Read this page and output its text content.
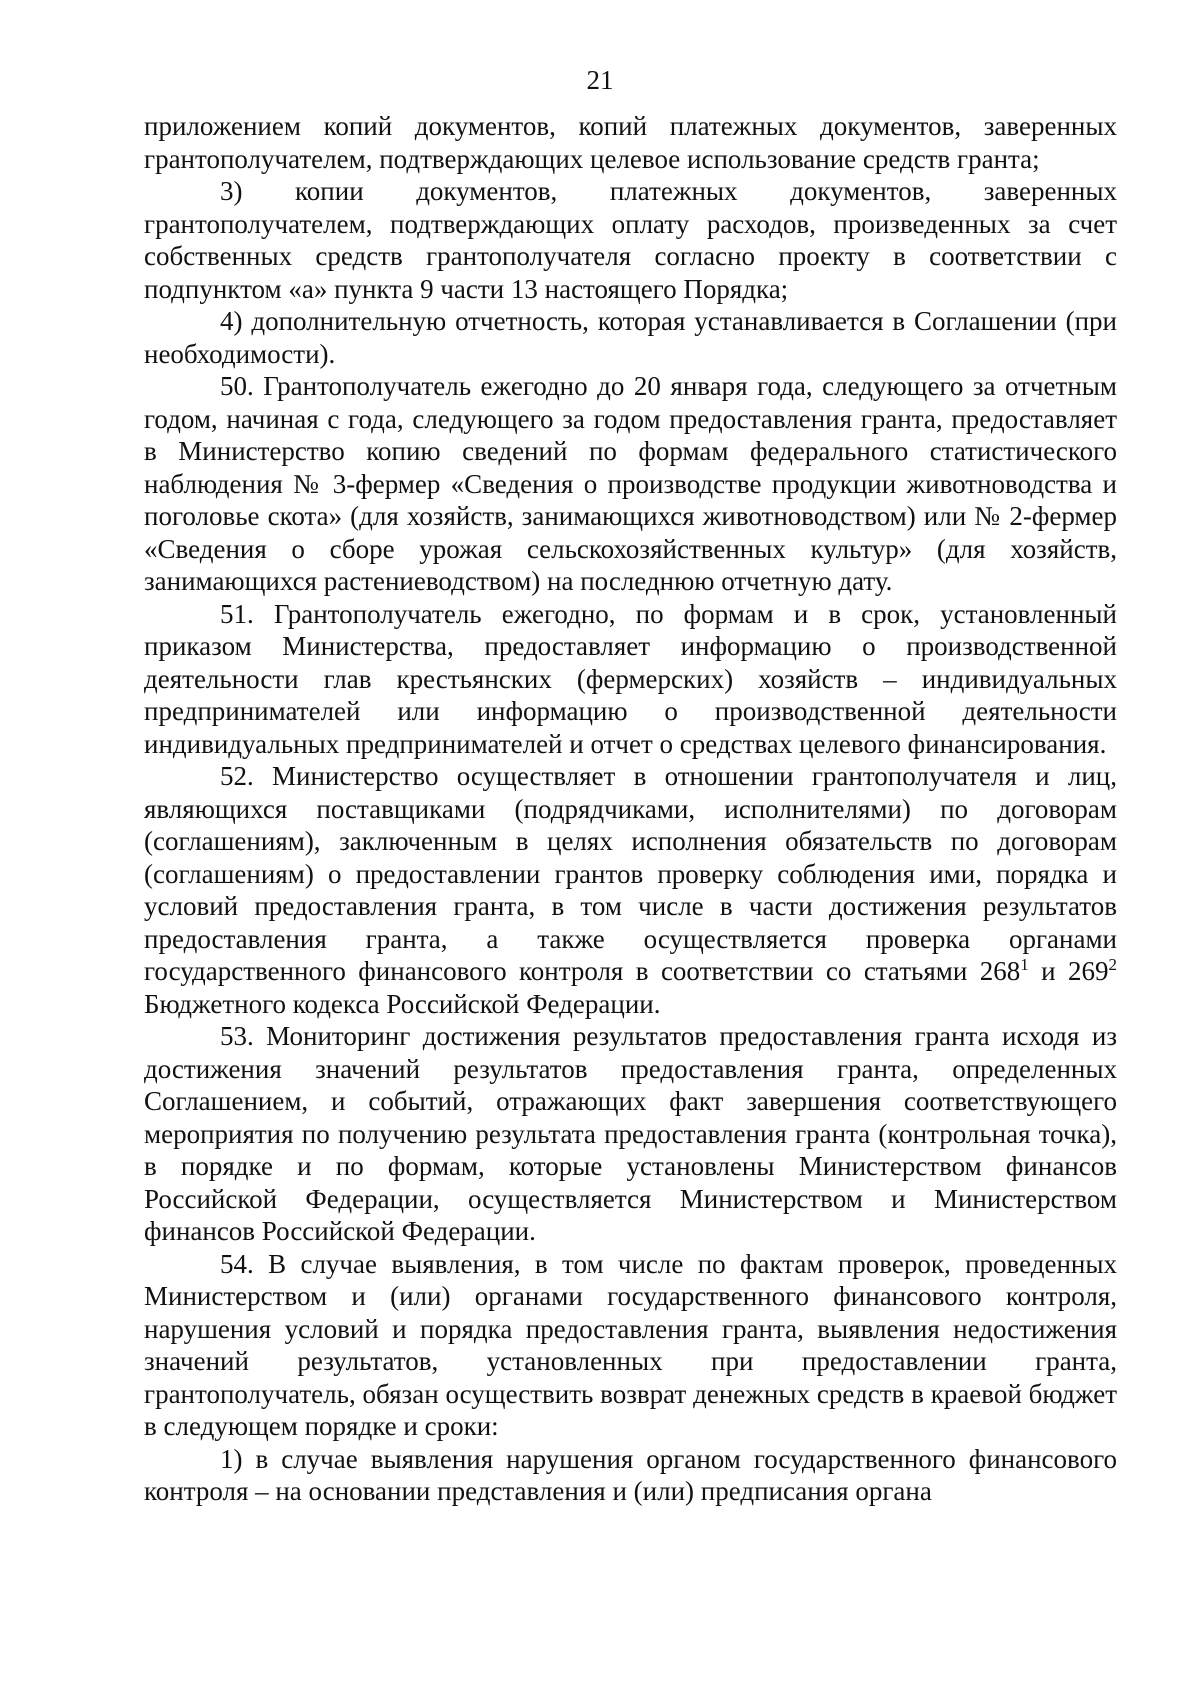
21

приложением копий документов, копий платежных документов, заверенных грантополучателем, подтверждающих целевое использование средств гранта;

3) копии документов, платежных документов, заверенных грантополучателем, подтверждающих оплату расходов, произведенных за счет собственных средств грантополучателя согласно проекту в соответствии с подпунктом «а» пункта 9 части 13 настоящего Порядка;

4) дополнительную отчетность, которая устанавливается в Соглашении (при необходимости).

50. Грантополучатель ежегодно до 20 января года, следующего за отчетным годом, начиная с года, следующего за годом предоставления гранта, предоставляет в Министерство копию сведений по формам федерального статистического наблюдения № 3-фермер «Сведения о производстве продукции животноводства и поголовье скота» (для хозяйств, занимающихся животноводством) или № 2-фермер «Сведения о сборе урожая сельскохозяйственных культур» (для хозяйств, занимающихся растениеводством) на последнюю отчетную дату.

51. Грантополучатель ежегодно, по формам и в срок, установленный приказом Министерства, предоставляет информацию о производственной деятельности глав крестьянских (фермерских) хозяйств – индивидуальных предпринимателей или информацию о производственной деятельности индивидуальных предпринимателей и отчет о средствах целевого финансирования.

52. Министерство осуществляет в отношении грантополучателя и лиц, являющихся поставщиками (подрядчиками, исполнителями) по договорам (соглашениям), заключенным в целях исполнения обязательств по договорам (соглашениям) о предоставлении грантов проверку соблюдения ими, порядка и условий предоставления гранта, в том числе в части достижения результатов предоставления гранта, а также осуществляется проверка органами государственного финансового контроля в соответствии со статьями $268^1$ и $269^2$ Бюджетного кодекса Российской Федерации.

53. Мониторинг достижения результатов предоставления гранта исходя из достижения значений результатов предоставления гранта, определенных Соглашением, и событий, отражающих факт завершения соответствующего мероприятия по получению результата предоставления гранта (контрольная точка), в порядке и по формам, которые установлены Министерством финансов Российской Федерации, осуществляется Министерством и Министерством финансов Российской Федерации.

54. В случае выявления, в том числе по фактам проверок, проведенных Министерством и (или) органами государственного финансового контроля, нарушения условий и порядка предоставления гранта, выявления недостижения значений результатов, установленных при предоставлении гранта, грантополучатель, обязан осуществить возврат денежных средств в краевой бюджет в следующем порядке и сроки:

1) в случае выявления нарушения органом государственного финансового контроля – на основании представления и (или) предписания органа
